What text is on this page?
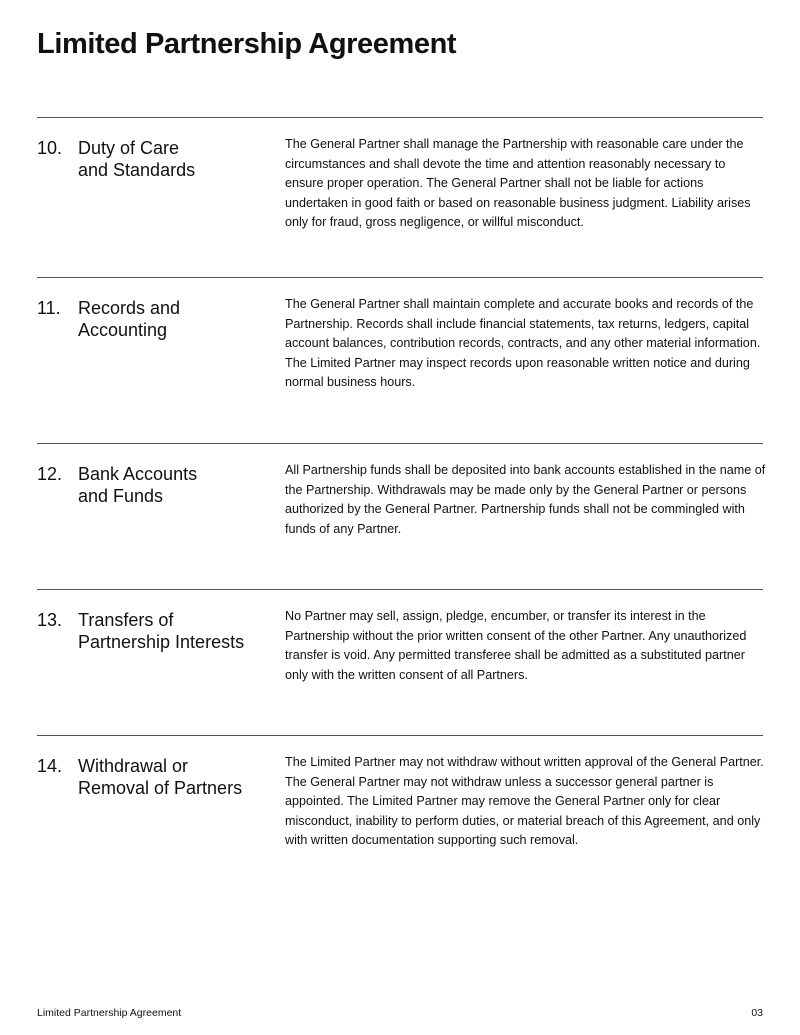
Limited Partnership Agreement
10. Duty of Care
and Standards

The General Partner shall manage the Partnership with reasonable care under the circumstances and shall devote the time and attention reasonably necessary to ensure proper operation. The General Partner shall not be liable for actions undertaken in good faith or based on reasonable business judgment. Liability arises only for fraud, gross negligence, or willful misconduct.

11. Records and
Accounting

The General Partner shall maintain complete and accurate books and records of the Partnership. Records shall include financial statements, tax returns, ledgers, capital account balances, contribution records, contracts, and any other material information. The Limited Partner may inspect records upon reasonable written notice and during normal business hours.

12. Bank Accounts
and Funds

All Partnership funds shall be deposited into bank accounts established in the name of the Partnership. Withdrawals may be made only by the General Partner or persons authorized by the General Partner. Partnership funds shall not be commingled with funds of any Partner.

13. Transfers of
Partnership Interests

No Partner may sell, assign, pledge, encumber, or transfer its interest in the Partnership without the prior written consent of the other Partner. Any unauthorized transfer is void. Any permitted transferee shall be admitted as a substituted partner only with the written consent of all Partners.

14. Withdrawal or
Removal of Partners

The Limited Partner may not withdraw without written approval of the General Partner. The General Partner may not withdraw unless a successor general partner is appointed. The Limited Partner may remove the General Partner only for clear misconduct, inability to perform duties, or material breach of this Agreement, and only with written documentation supporting such removal.

Limited Partnership Agreement	03
